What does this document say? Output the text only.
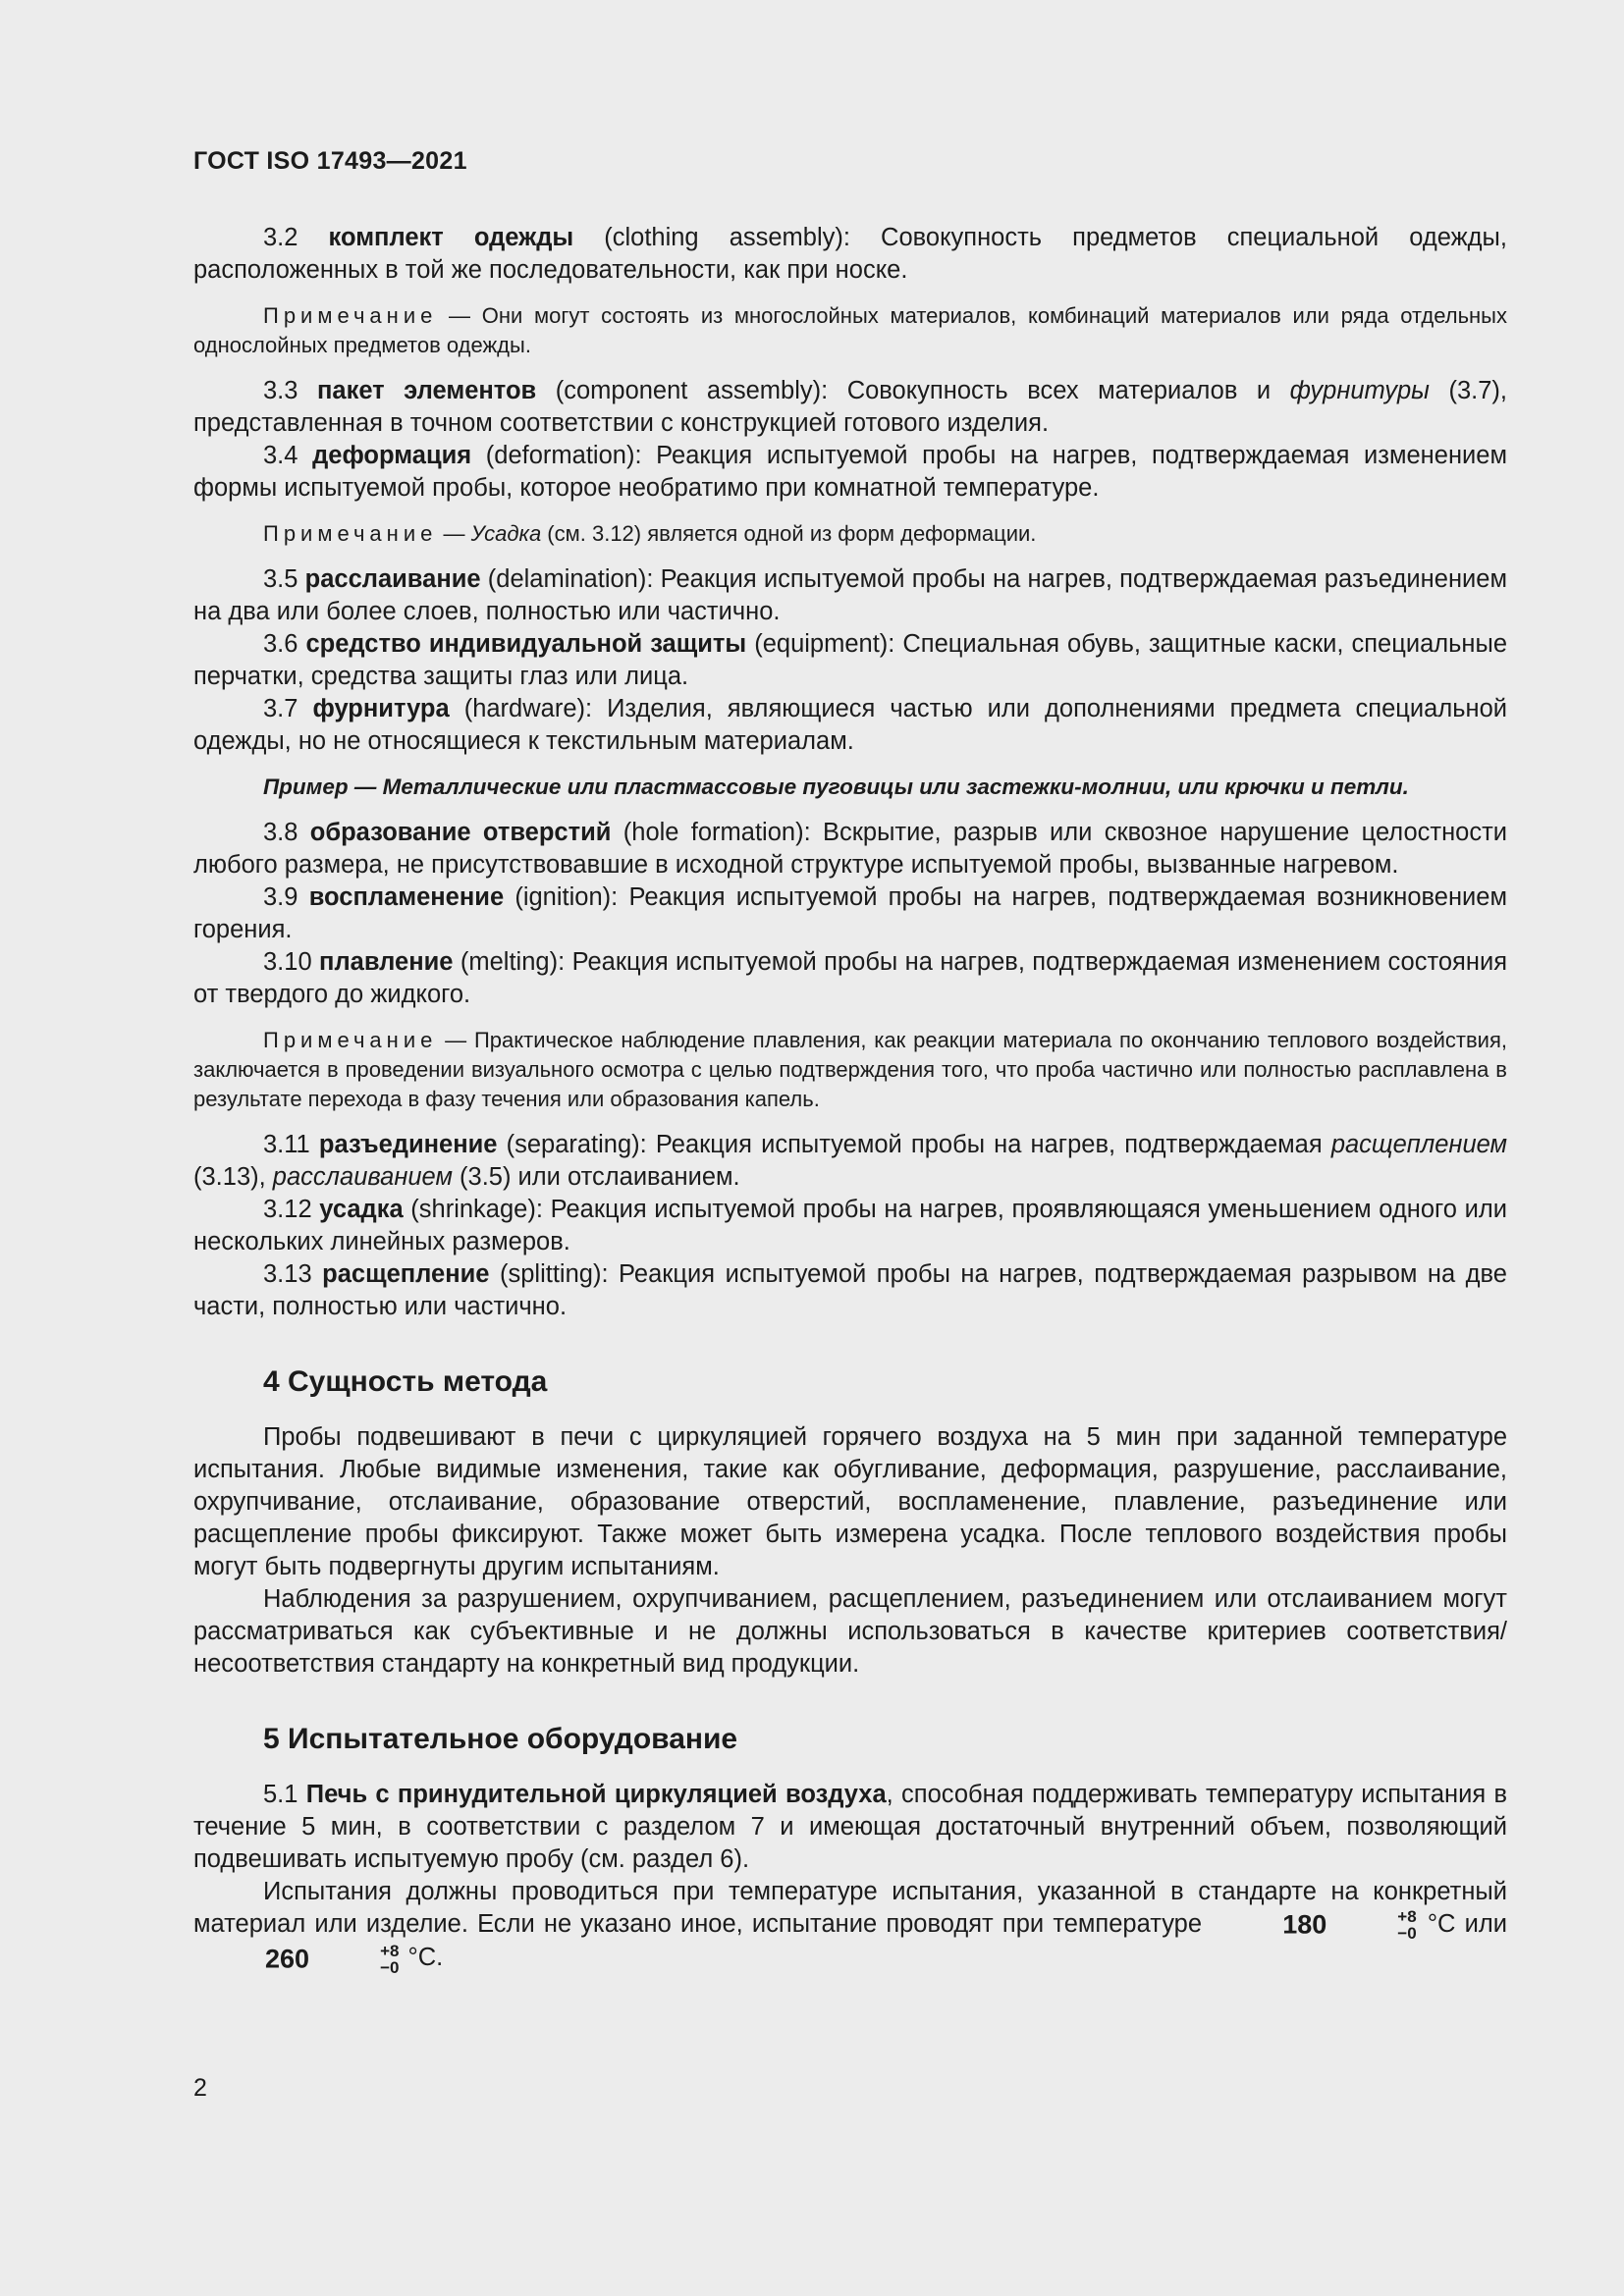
ГОСТ ISO 17493—2021

3.2 комплект одежды (clothing assembly): Совокупность предметов специальной одежды, расположенных в той же последовательности, как при носке.

Примечание — Они могут состоять из многослойных материалов, комбинаций материалов или ряда отдельных однослойных предметов одежды.

3.3 пакет элементов (component assembly): Совокупность всех материалов и фурнитуры (3.7), представленная в точном соответствии с конструкцией готового изделия.

3.4 деформация (deformation): Реакция испытуемой пробы на нагрев, подтверждаемая изменением формы испытуемой пробы, которое необратимо при комнатной температуре.

Примечание — Усадка (см. 3.12) является одной из форм деформации.

3.5 расслаивание (delamination): Реакция испытуемой пробы на нагрев, подтверждаемая разъединением на два или более слоев, полностью или частично.

3.6 средство индивидуальной защиты (equipment): Специальная обувь, защитные каски, специальные перчатки, средства защиты глаз или лица.

3.7 фурнитура (hardware): Изделия, являющиеся частью или дополнениями предмета специальной одежды, но не относящиеся к текстильным материалам.

Пример — Металлические или пластмассовые пуговицы или застежки-молнии, или крючки и петли.

3.8 образование отверстий (hole formation): Вскрытие, разрыв или сквозное нарушение целостности любого размера, не присутствовавшие в исходной структуре испытуемой пробы, вызванные нагревом.

3.9 воспламенение (ignition): Реакция испытуемой пробы на нагрев, подтверждаемая возникновением горения.

3.10 плавление (melting): Реакция испытуемой пробы на нагрев, подтверждаемая изменением состояния от твердого до жидкого.

Примечание — Практическое наблюдение плавления, как реакции материала по окончанию теплового воздействия, заключается в проведении визуального осмотра с целью подтверждения того, что проба частично или полностью расплавлена в результате перехода в фазу течения или образования капель.

3.11 разъединение (separating): Реакция испытуемой пробы на нагрев, подтверждаемая расщеплением (3.13), расслаиванием (3.5) или отслаиванием.

3.12 усадка (shrinkage): Реакция испытуемой пробы на нагрев, проявляющаяся уменьшением одного или нескольких линейных размеров.

3.13 расщепление (splitting): Реакция испытуемой пробы на нагрев, подтверждаемая разрывом на две части, полностью или частично.

4 Сущность метода

Пробы подвешивают в печи с циркуляцией горячего воздуха на 5 мин при заданной температуре испытания. Любые видимые изменения, такие как обугливание, деформация, разрушение, расслаивание, охрупчивание, отслаивание, образование отверстий, воспламенение, плавление, разъединение или расщепление пробы фиксируют. Также может быть измерена усадка. После теплового воздействия пробы могут быть подвергнуты другим испытаниям.

Наблюдения за разрушением, охрупчиванием, расщеплением, разъединением или отслаиванием могут рассматриваться как субъективные и не должны использоваться в качестве критериев соответствия/несоответствия стандарту на конкретный вид продукции.

5 Испытательное оборудование

5.1 Печь с принудительной циркуляцией воздуха, способная поддерживать температуру испытания в течение 5 мин, в соответствии с разделом 7 и имеющая достаточный внутренний объем, позволяющий подвешивать испытуемую пробу (см. раздел 6).

Испытания должны проводиться при температуре испытания, указанной в стандарте на конкретный материал или изделие. Если не указано иное, испытание проводят при температуре	180	+8
−0 °С или 260	+8
−0 °С.

2
